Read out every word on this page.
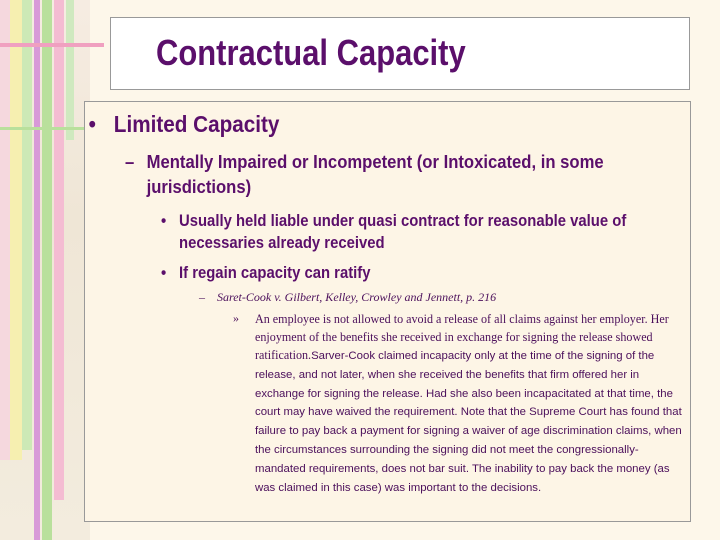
Contractual Capacity
• Limited Capacity
– Mentally Impaired or Incompetent (or Intoxicated, in some jurisdictions)
• Usually held liable under quasi contract for reasonable value of necessaries already received
• If regain capacity can ratify
– Saret-Cook v. Gilbert, Kelley, Crowley and Jennett, p. 216
» An employee is not allowed to avoid a release of all claims against her employer. Her enjoyment of the benefits she received in exchange for signing the release showed ratification.Sarver-Cook claimed incapacity only at the time of the signing of the release, and not later, when she received the benefits that firm offered her in exchange for signing the release. Had she also been incapacitated at that time, the court may have waived the requirement. Note that the Supreme Court has found that failure to pay back a payment for signing a waiver of age discrimination claims, when the circumstances surrounding the signing did not meet the congressionally-mandated requirements, does not bar suit. The inability to pay back the money (as was claimed in this case) was important to the decisions.
